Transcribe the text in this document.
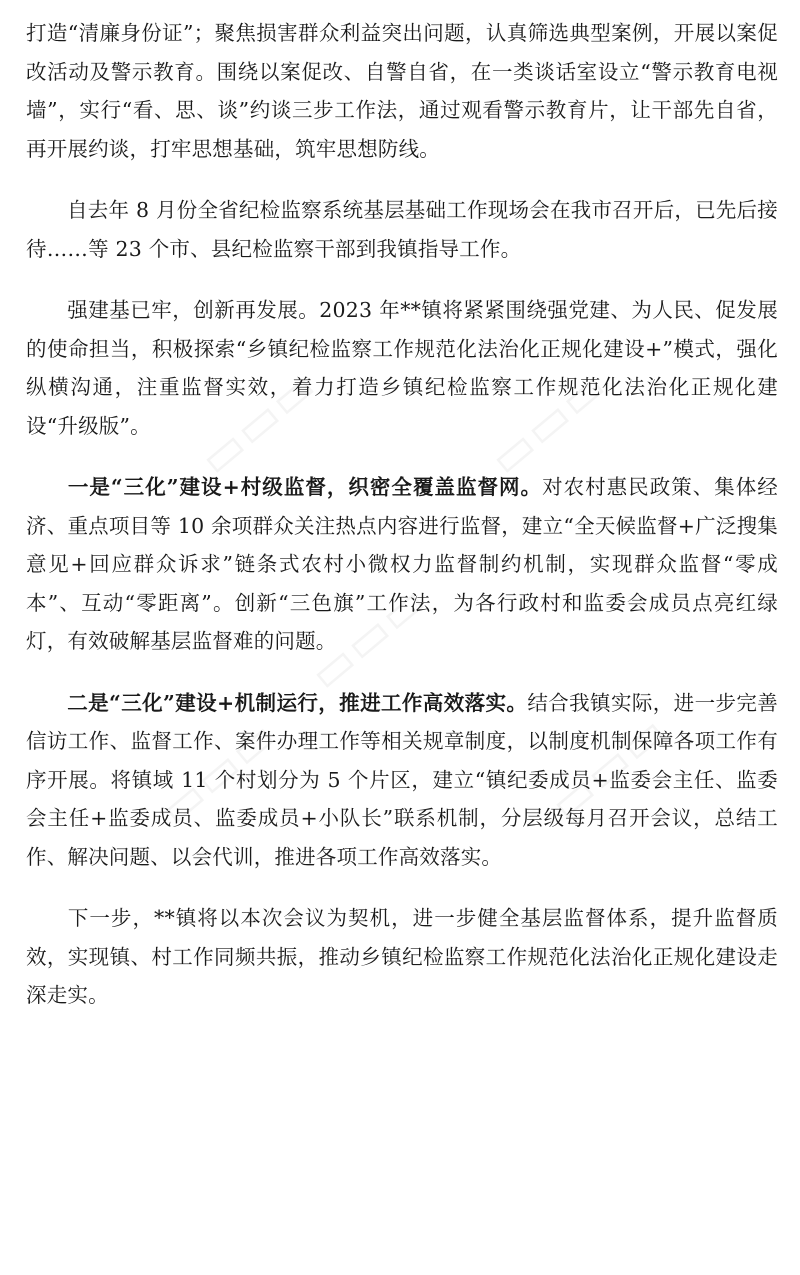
▭▭▭	▭▭▭
▭▭▭
▭▭▭	▭▭▭

打造“清廉身份证”；聚焦损害群众利益突出问题，认真筛选典型案例，开展以案促改活动及警示教育。围绕以案促改、自警自省，在一类谈话室设立“警示教育电视墙”，实行“看、思、谈”约谈三步工作法，通过观看警示教育片，让干部先自省，再开展约谈，打牢思想基础，筑牢思想防线。

自去年 8 月份全省纪检监察系统基层基础工作现场会在我市召开后，已先后接待……等 23 个市、县纪检监察干部到我镇指导工作。

强建基已牢，创新再发展。2023 年**镇将紧紧围绕强党建、为人民、促发展的使命担当，积极探索“乡镇纪检监察工作规范化法治化正规化建设+”模式，强化纵横沟通，注重监督实效，着力打造乡镇纪检监察工作规范化法治化正规化建设“升级版”。

一是“三化”建设+村级监督，织密全覆盖监督网。对农村惠民政策、集体经济、重点项目等 10 余项群众关注热点内容进行监督，建立“全天候监督+广泛搜集意见+回应群众诉求”链条式农村小微权力监督制约机制，实现群众监督“零成本”、互动“零距离”。创新“三色旗”工作法，为各行政村和监委会成员点亮红绿灯，有效破解基层监督难的问题。

二是“三化”建设+机制运行，推进工作高效落实。结合我镇实际，进一步完善信访工作、监督工作、案件办理工作等相关规章制度，以制度机制保障各项工作有序开展。将镇域 11 个村划分为 5 个片区，建立“镇纪委成员+监委会主任、监委会主任+监委成员、监委成员+小队长”联系机制，分层级每月召开会议，总结工作、解决问题、以会代训，推进各项工作高效落实。

下一步，**镇将以本次会议为契机，进一步健全基层监督体系，提升监督质效，实现镇、村工作同频共振，推动乡镇纪检监察工作规范化法治化正规化建设走深走实。
